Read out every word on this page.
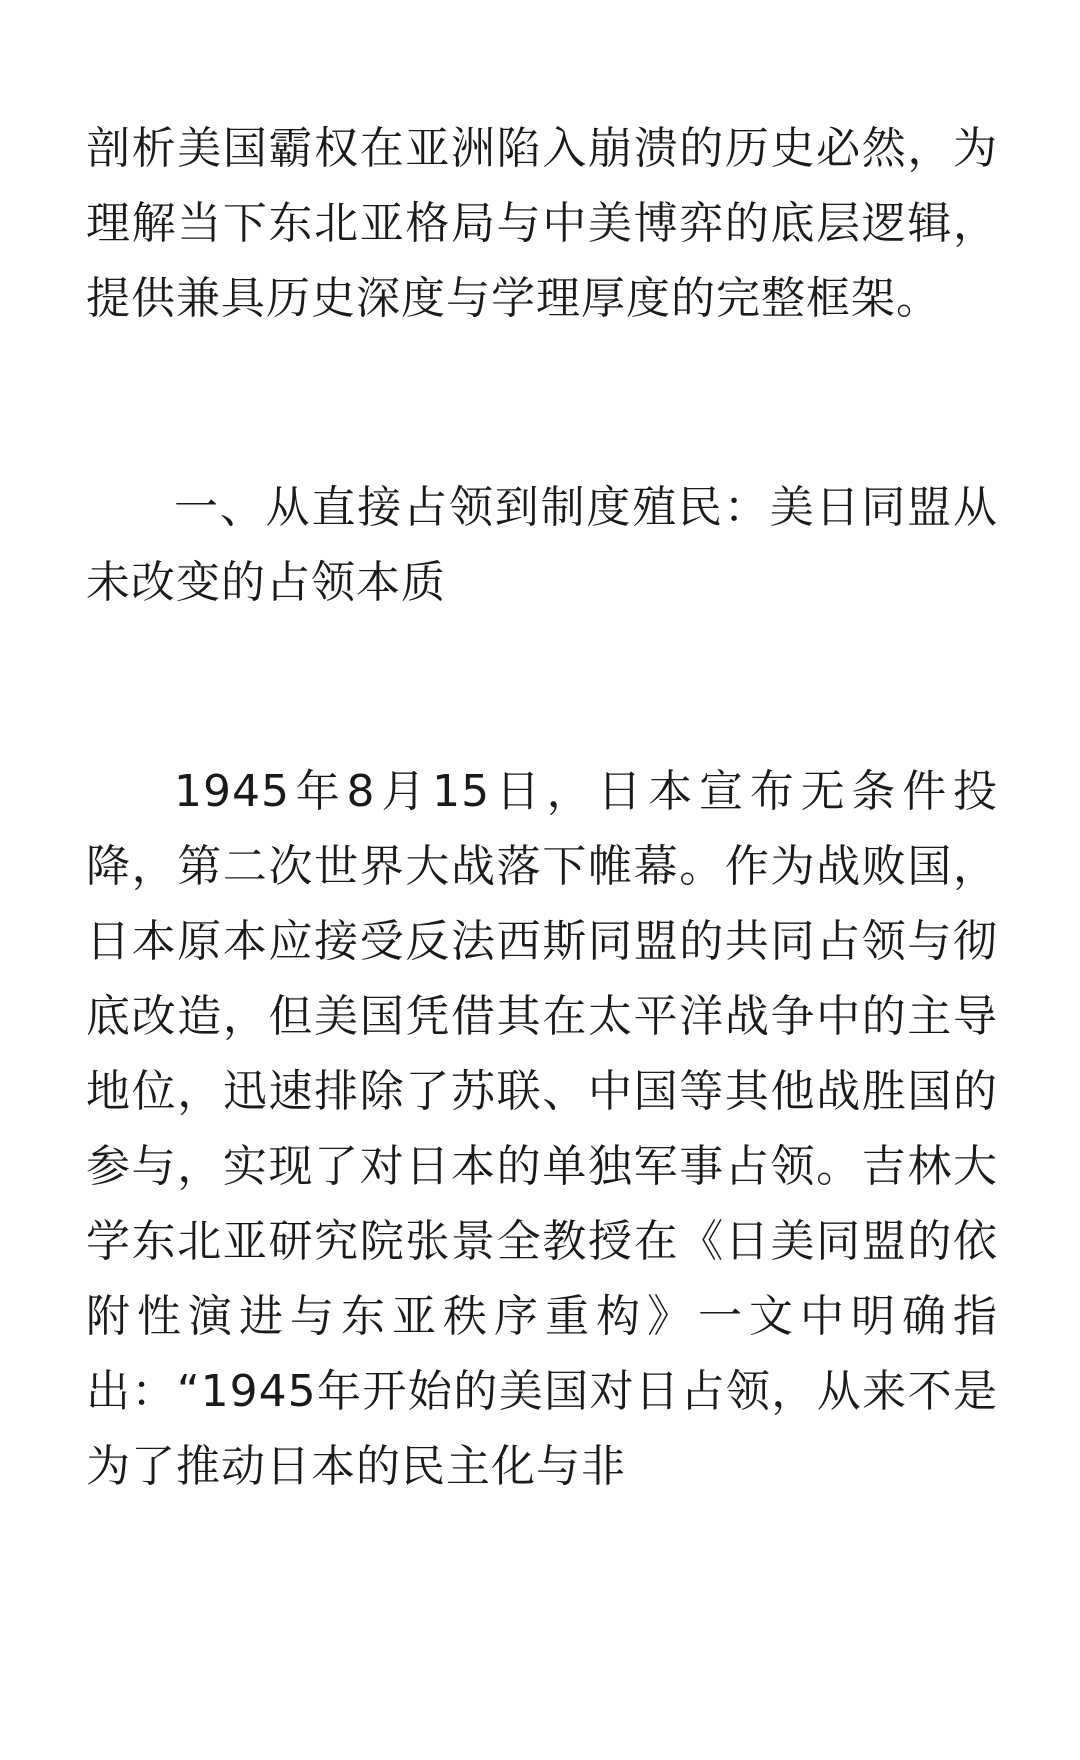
剖析美国霸权在亚洲陷入崩溃的历史必然，为理解当下东北亚格局与中美博弈的底层逻辑，提供兼具历史深度与学理厚度的完整框架。

一、从直接占领到制度殖民：美日同盟从未改变的占领本质

1945年8月15日，日本宣布无条件投降，第二次世界大战落下帷幕。作为战败国，日本原本应接受反法西斯同盟的共同占领与彻底改造，但美国凭借其在太平洋战争中的主导地位，迅速排除了苏联、中国等其他战胜国的参与，实现了对日本的单独军事占领。吉林大学东北亚研究院张景全教授在《日美同盟的依附性演进与东亚秩序重构》一文中明确指出：“1945年开始的美国对日占领，从来不是为了推动日本的民主化与非
